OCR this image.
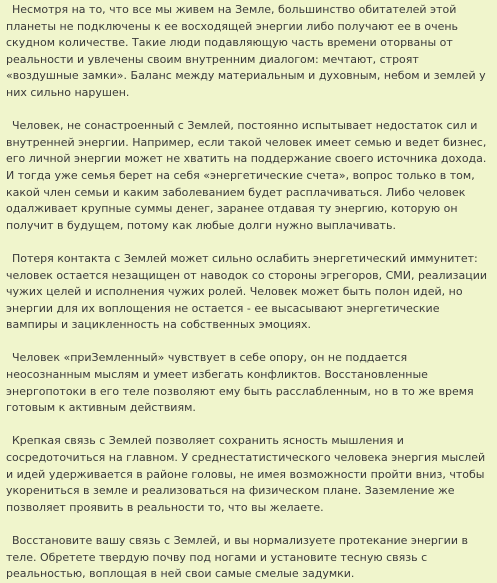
Несмотря на то, что все мы живем на Земле, большинство обитателей этой планеты не подключены к ее восходящей энергии либо получают ее в очень скудном количестве. Такие люди подавляющую часть времени оторваны от реальности и увлечены своим внутренним диалогом: мечтают, строят «воздушные замки». Баланс между материальным и духовным, небом и землей у них сильно нарушен.

Человек, не сонастроенный с Землей, постоянно испытывает недостаток сил и внутренней энергии. Например, если такой человек имеет семью и ведет бизнес, его личной энергии может не хватить на поддержание своего источника дохода. И тогда уже семья берет на себя «энергетические счета», вопрос только в том, какой член семьи и каким заболеванием будет расплачиваться. Либо человек одалживает крупные суммы денег, заранее отдавая ту энергию, которую он получит в будущем, потому как любые долги нужно выплачивать.

Потеря контакта с Землей может сильно ослабить энергетический иммунитет: человек остается незащищен от наводок со стороны эгрегоров, СМИ, реализации чужих целей и исполнения чужих ролей. Человек может быть полон идей, но энергии для их воплощения не остается - ее высасывают энергетические вампиры и зацикленность на собственных эмоциях.

Человек «приЗемленный» чувствует в себе опору, он не поддается неосознанным мыслям и умеет избегать конфликтов. Восстановленные энергопотоки в его теле позволяют ему быть расслабленным, но в то же время готовым к активным действиям.

Крепкая связь с Землей позволяет сохранить ясность мышления и сосредоточиться на главном. У среднестатистического человека энергия мыслей и идей удерживается в районе головы, не имея возможности пройти вниз, чтобы укорениться в земле и реализоваться на физическом плане. Заземление же позволяет проявить в реальности то, что вы желаете.

Восстановите вашу связь с Землей, и вы нормализуете протекание энергии в теле. Обретете твердую почву под ногами и установите тесную связь с реальностью, воплощая в ней свои самые смелые задумки.
